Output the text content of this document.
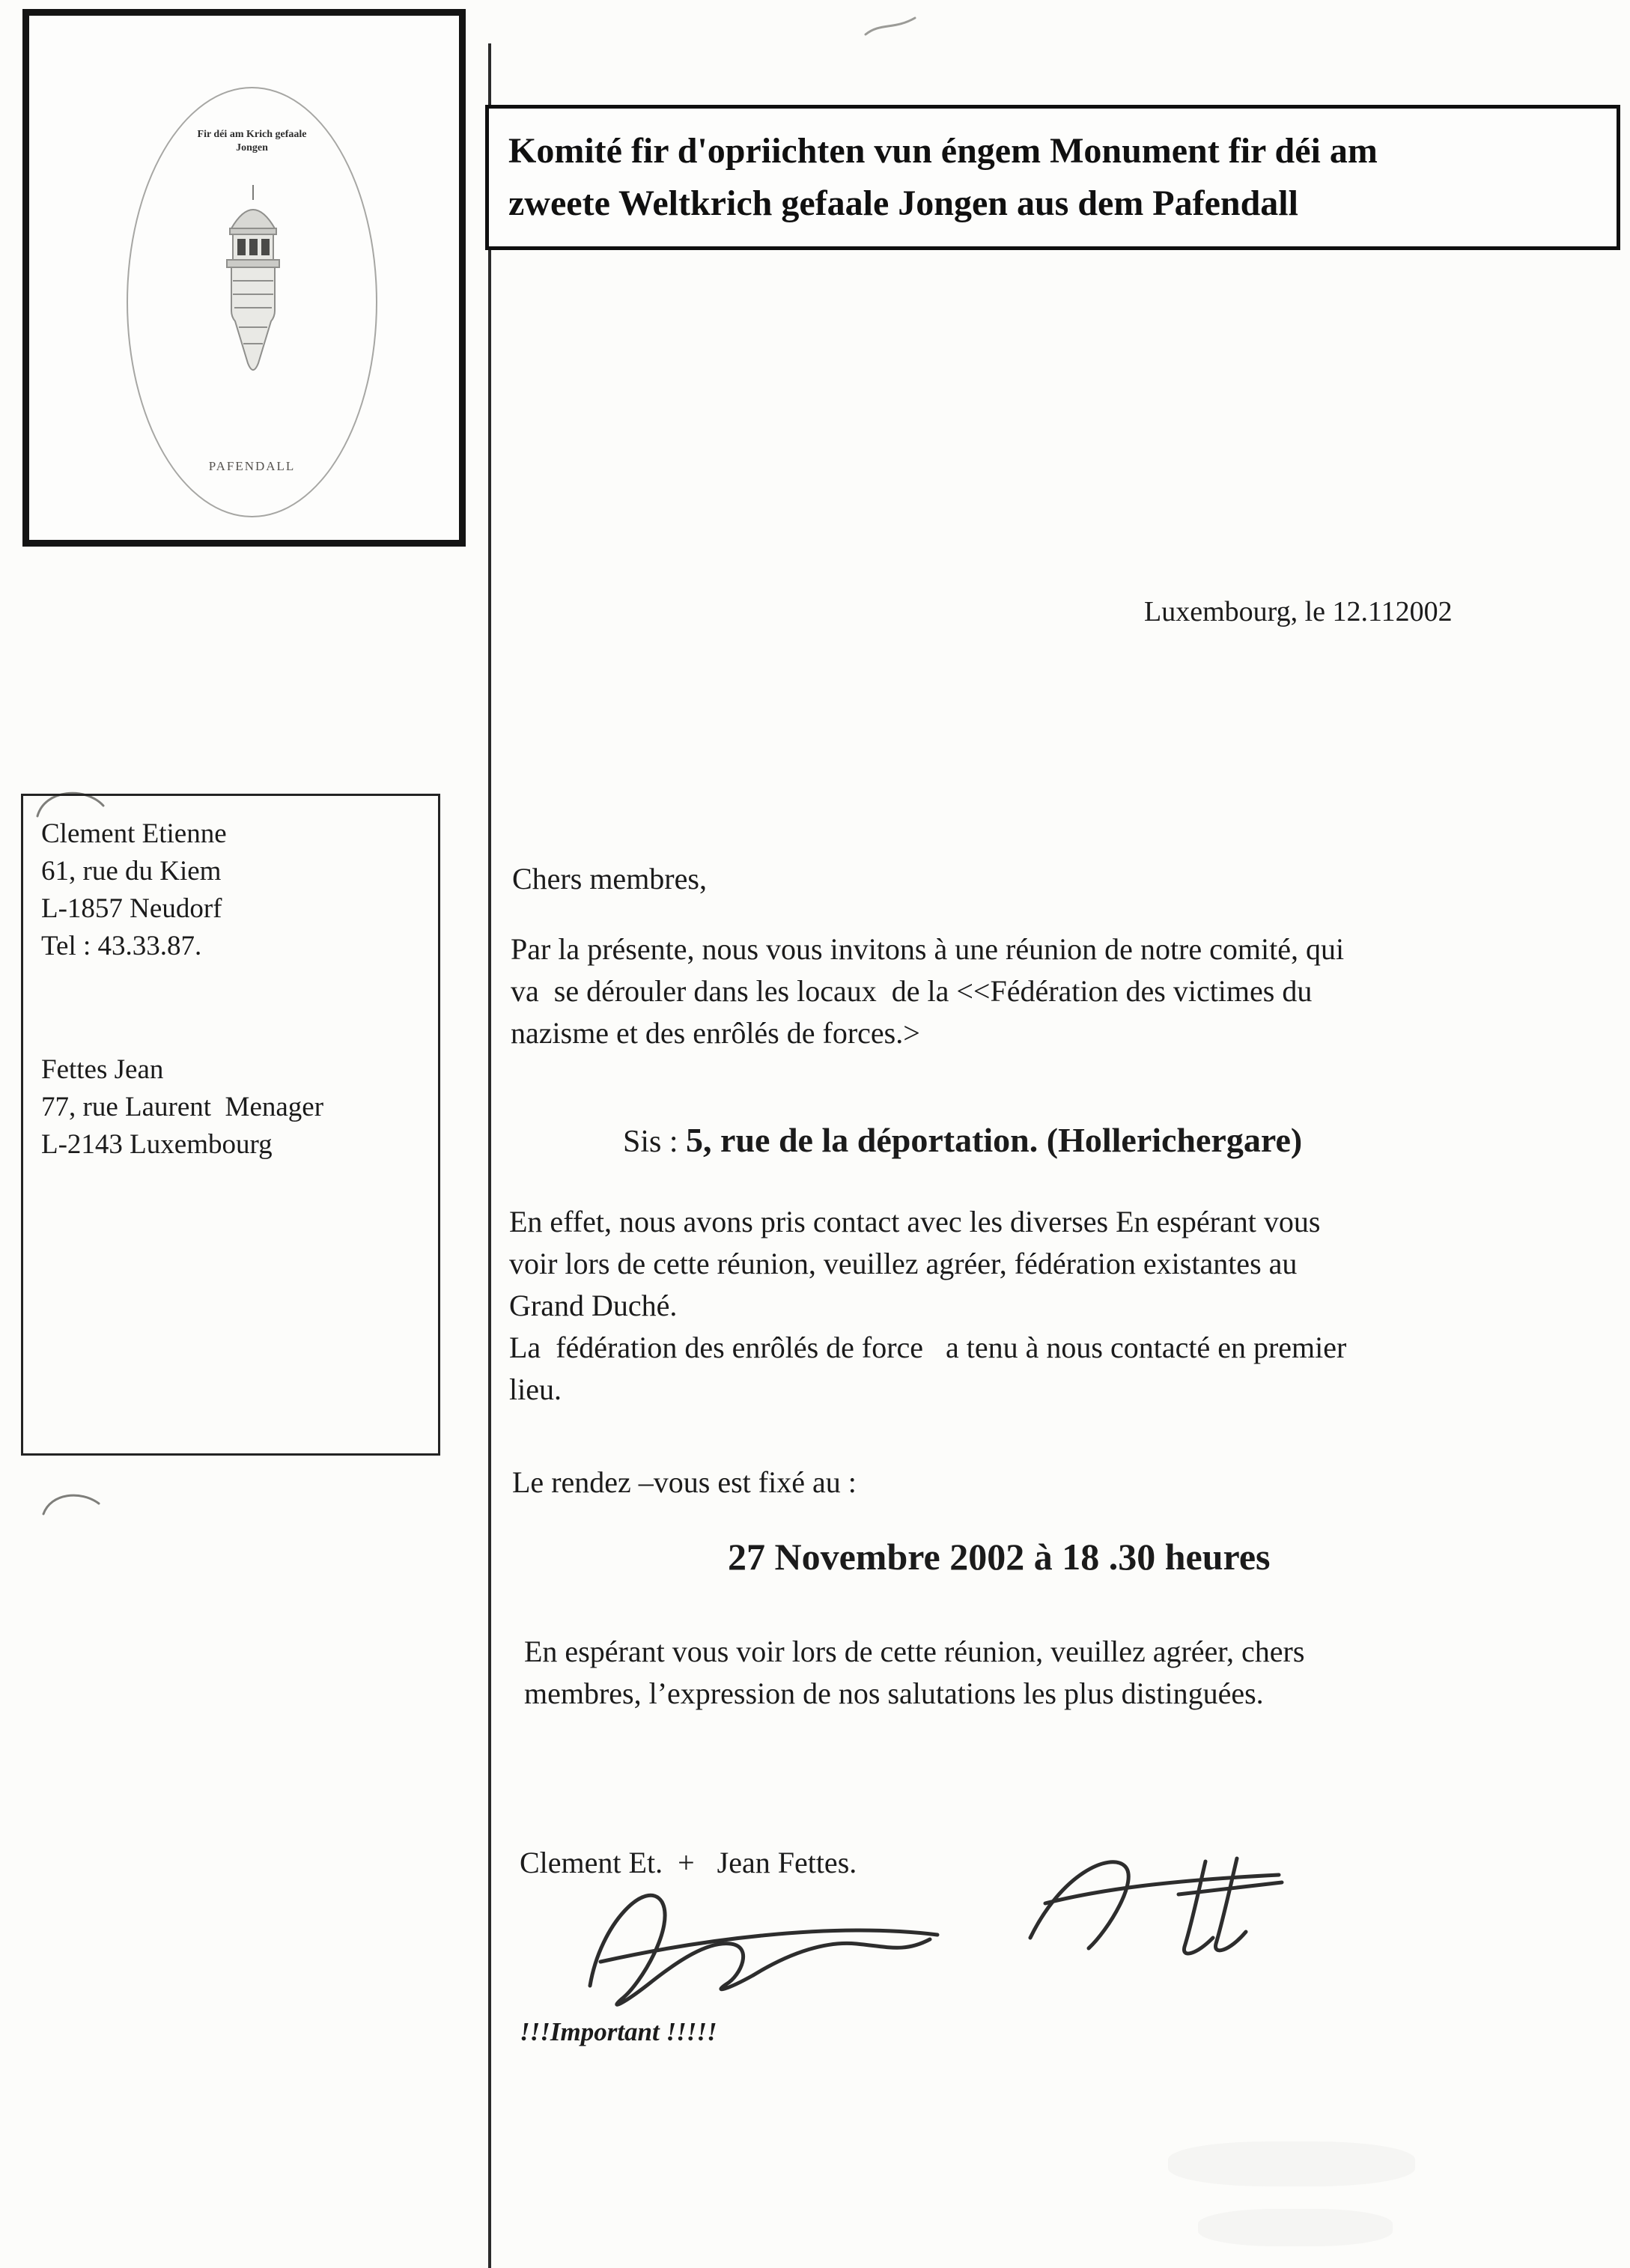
Fir déi am Krich gefaale
Jongen
PAFENDALL
Komité fir d'opriichten vun éngem Monument fir déi am
zweete Weltkrich gefaale Jongen aus dem Pafendall
Luxembourg, le 12.112002
Clement Etienne
61, rue du Kiem
L-1857 Neudorf
Tel : 43.33.87.
Fettes Jean
77, rue Laurent  Menager
L-2143 Luxembourg
Chers membres,
Par la présente, nous vous invitons à une réunion de notre comité, qui
va  se dérouler dans les locaux  de la <<Fédération des victimes du
nazisme et des enrôlés de forces.>

Sis : 5, rue de la déportation. (Hollerichergare)

En effet, nous avons pris contact avec les diverses En espérant vous
voir lors de cette réunion, veuillez agréer, fédération existantes au
Grand Duché.
La  fédération des enrôlés de force   a tenu à nous contacté en premier
lieu.
Le rendez –vous est fixé au :
27 Novembre 2002 à 18 .30 heures
En espérant vous voir lors de cette réunion, veuillez agréer, chers
membres, l’expression de nos salutations les plus distinguées.
Clement Et.  +   Jean Fettes.
!!!Important !!!!!
